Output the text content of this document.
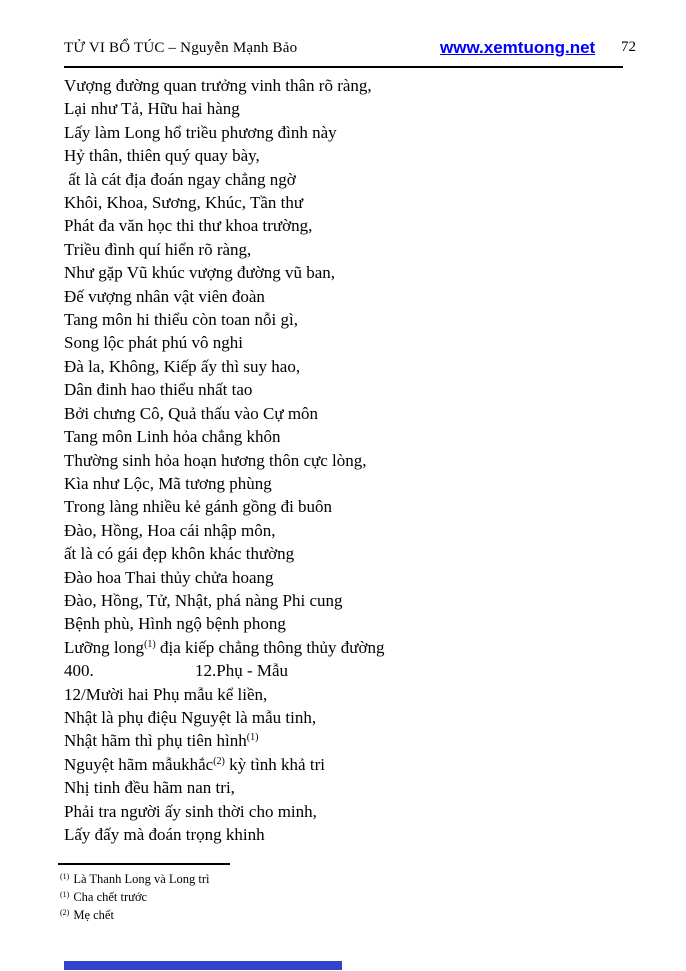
TỬ VI BỔ TÚC – Nguyễn Mạnh Bảo	www.xemtuong.net 72
Vượng đường quan trưởng vinh thân rõ ràng,
Lại như Tả, Hữu hai hàng
Lấy làm Long hổ triều phương đình này
Hỷ thân, thiên quý quay bày,
ất là cát địa đoán ngay chẳng ngờ
Khôi, Khoa, Sương, Khúc, Tần thư
Phát đa văn học thi thư khoa trường,
Triều đình quí hiển rõ ràng,
Như gặp Vũ khúc vượng đường vũ ban,
Đế vượng nhân vật viên đoàn
Tang môn hi thiểu còn toan nỗi gì,
Song lộc phát phú vô nghi
Đà la, Không, Kiếp ấy thì suy hao,
Dân đinh hao thiểu nhất tao
Bởi chưng Cô, Quả thấu vào Cự môn
Tang môn Linh hỏa chẳng khôn
Thường sinh hỏa hoạn hương thôn cực lòng,
Kìa như Lộc, Mã tương phùng
Trong làng nhiều kẻ gánh gồng đi buôn
Đào, Hồng, Hoa cái nhập môn,
ất là có gái đẹp khôn khác thường
Đào hoa Thai thủy chửa hoang
Đào, Hồng, Tử, Nhật, phá nàng Phi cung
Bệnh phù, Hình ngộ bệnh phong
Lưỡng long$^{(1)}$ địa kiếp chẳng thông thủy đường
400.	12.Phụ - Mẫu
12/Mười hai Phụ mẫu kể liền,
Nhật là phụ điệu Nguyệt là mẫu tinh,
Nhật hãm thì phụ tiên hình$^{(1)}$
Nguyệt hãm mẫukhắc$^{(2)}$ kỳ tình khả tri
Nhị tinh đều hãm nan tri,
Phải tra người ấy sinh thời cho minh,
Lấy đấy mà đoán trọng khinh
$^{(1)}$ Là Thanh Long và Long trì
$^{(1)}$ Cha chết trước
$^{(2)}$ Mẹ chết
